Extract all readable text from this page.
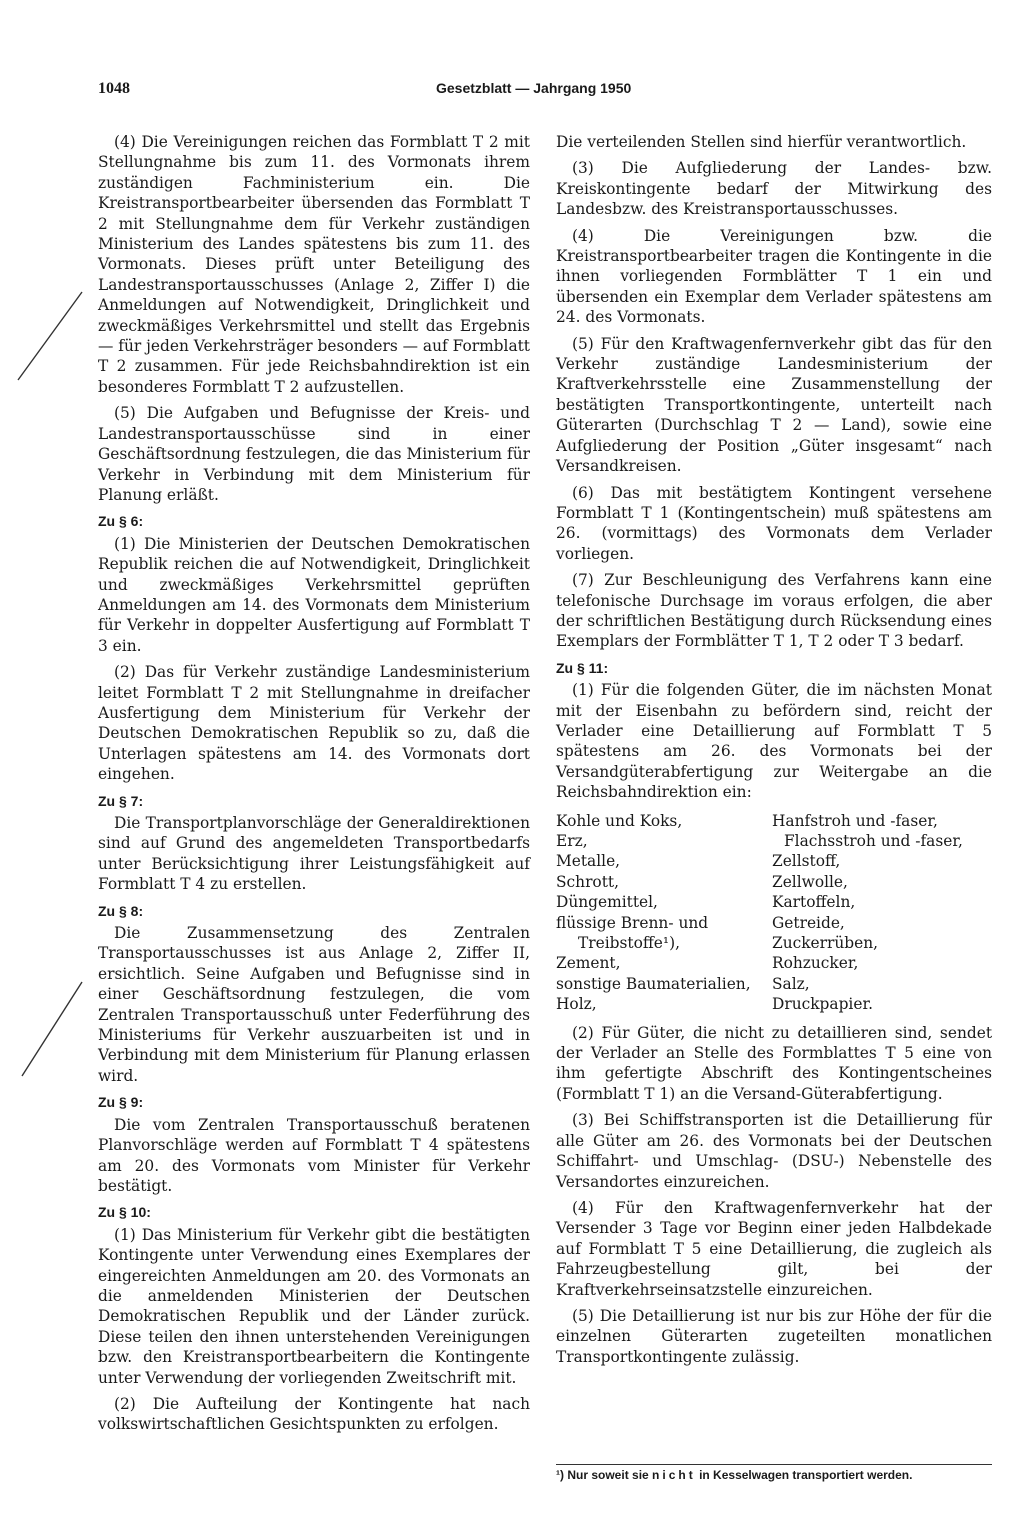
1048	Gesetzblatt — Jahrgang 1950

(4) Die Vereinigungen reichen das Formblatt T 2 mit Stellungnahme bis zum 11. des Vormonats ihrem zuständigen Fachministerium ein. Die Kreistransportbearbeiter übersenden das Formblatt T 2 mit Stellungnahme dem für Verkehr zuständigen Ministerium des Landes spätestens bis zum 11. des Vormonats. Dieses prüft unter Beteiligung des Landestransportausschusses (Anlage 2, Ziffer I) die Anmeldungen auf Notwendigkeit, Dringlichkeit und zweckmäßiges Verkehrsmittel und stellt das Ergebnis — für jeden Verkehrsträger besonders — auf Formblatt T 2 zusammen. Für jede Reichsbahndirektion ist ein besonderes Formblatt T 2 aufzustellen.

(5) Die Aufgaben und Befugnisse der Kreis- und Landestransportausschüsse sind in einer Geschäftsordnung festzulegen, die das Ministerium für Verkehr in Verbindung mit dem Ministerium für Planung erläßt.

Zu § 6:

(1) Die Ministerien der Deutschen Demokratischen Republik reichen die auf Notwendigkeit, Dringlichkeit und zweckmäßiges Verkehrsmittel geprüften Anmeldungen am 14. des Vormonats dem Ministerium für Verkehr in doppelter Ausfertigung auf Formblatt T 3 ein.

(2) Das für Verkehr zuständige Landesministerium leitet Formblatt T 2 mit Stellungnahme in dreifacher Ausfertigung dem Ministerium für Verkehr der Deutschen Demokratischen Republik so zu, daß die Unterlagen spätestens am 14. des Vormonats dort eingehen.

Zu § 7:

Die Transportplanvorschläge der Generaldirektionen sind auf Grund des angemeldeten Transportbedarfs unter Berücksichtigung ihrer Leistungsfähigkeit auf Formblatt T 4 zu erstellen.

Zu § 8:

Die Zusammensetzung des Zentralen Transportausschusses ist aus Anlage 2, Ziffer II, ersichtlich. Seine Aufgaben und Befugnisse sind in einer Geschäftsordnung festzulegen, die vom Zentralen Transportausschuß unter Federführung des Ministeriums für Verkehr auszuarbeiten ist und in Verbindung mit dem Ministerium für Planung erlassen wird.

Zu § 9:

Die vom Zentralen Transportausschuß beratenen Planvorschläge werden auf Formblatt T 4 spätestens am 20. des Vormonats vom Minister für Verkehr bestätigt.

Zu § 10:

(1) Das Ministerium für Verkehr gibt die bestätigten Kontingente unter Verwendung eines Exemplares der eingereichten Anmeldungen am 20. des Vormonats an die anmeldenden Ministerien der Deutschen Demokratischen Republik und der Länder zurück. Diese teilen den ihnen unterstehenden Vereinigungen bzw. den Kreistransportbearbeitern die Kontingente unter Verwendung der vorliegenden Zweitschrift mit.

(2) Die Aufteilung der Kontingente hat nach volkswirtschaftlichen Gesichtspunkten zu erfolgen.

Die verteilenden Stellen sind hierfür verantwortlich.

(3) Die Aufgliederung der Landes- bzw. Kreiskontingente bedarf der Mitwirkung des Landesbzw. des Kreistransportausschusses.

(4) Die Vereinigungen bzw. die Kreistransportbearbeiter tragen die Kontingente in die ihnen vorliegenden Formblätter T 1 ein und übersenden ein Exemplar dem Verlader spätestens am 24. des Vormonats.

(5) Für den Kraftwagenfernverkehr gibt das für den Verkehr zuständige Landesministerium der Kraftverkehrsstelle eine Zusammenstellung der bestätigten Transportkontingente, unterteilt nach Güterarten (Durchschlag T 2 — Land), sowie eine Aufgliederung der Position „Güter insgesamt“ nach Versandkreisen.

(6) Das mit bestätigtem Kontingent versehene Formblatt T 1 (Kontingentschein) muß spätestens am 26. (vormittags) des Vormonats dem Verlader vorliegen.

(7) Zur Beschleunigung des Verfahrens kann eine telefonische Durchsage im voraus erfolgen, die aber der schriftlichen Bestätigung durch Rücksendung eines Exemplars der Formblätter T 1, T 2 oder T 3 bedarf.

Zu § 11:

(1) Für die folgenden Güter, die im nächsten Monat mit der Eisenbahn zu befördern sind, reicht der Verlader eine Detaillierung auf Formblatt T 5 spätestens am 26. des Vormonats bei der Versandgüterabfertigung zur Weitergabe an die Reichsbahndirektion ein:

Kohle und Koks,
Erz,
Metalle,
Schrott,
Düngemittel,
flüssige Brenn- und
Treibstoffe¹),
Zement,
sonstige Baumaterialien,
Holz,
Hanfstroh und -faser,
Flachsstroh und -faser,
Zellstoff,
Zellwolle,
Kartoffeln,
Getreide,
Zuckerrüben,
Rohzucker,
Salz,
Druckpapier.

(2) Für Güter, die nicht zu detaillieren sind, sendet der Verlader an Stelle des Formblattes T 5 eine von ihm gefertigte Abschrift des Kontingentscheines (Formblatt T 1) an die Versand-Güterabfertigung.

(3) Bei Schiffstransporten ist die Detaillierung für alle Güter am 26. des Vormonats bei der Deutschen Schiffahrt- und Umschlag- (DSU-) Nebenstelle des Versandortes einzureichen.

(4) Für den Kraftwagenfernverkehr hat der Versender 3 Tage vor Beginn einer jeden Halbdekade auf Formblatt T 5 eine Detaillierung, die zugleich als Fahrzeugbestellung gilt, bei der Kraftverkehrseinsatzstelle einzureichen.

(5) Die Detaillierung ist nur bis zur Höhe der für die einzelnen Güterarten zugeteilten monatlichen Transportkontingente zulässig.

¹) Nur soweit sie nicht in Kesselwagen transportiert werden.
